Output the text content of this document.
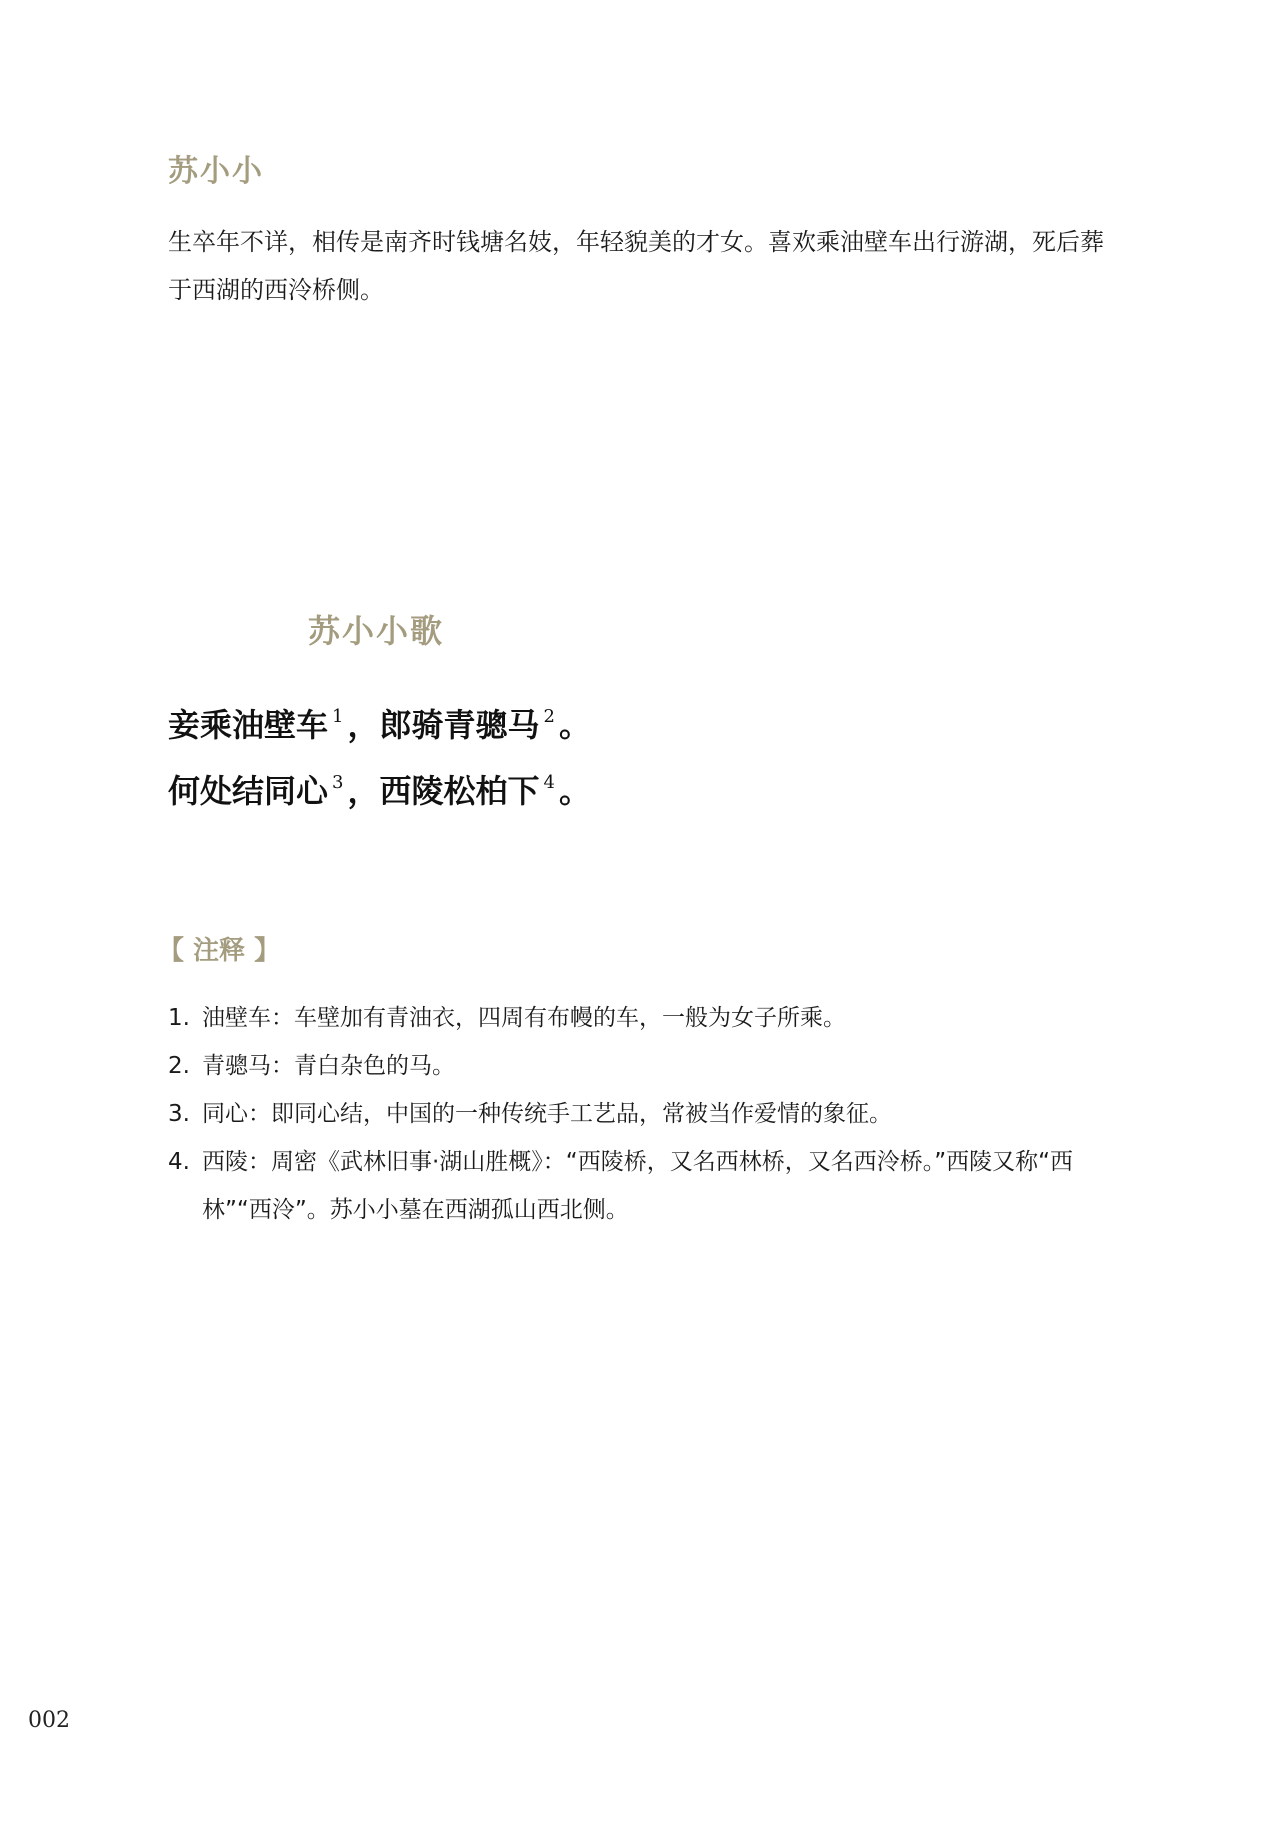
苏小小

生卒年不详，相传是南齐时钱塘名妓，年轻貌美的才女。喜欢乘油壁车出行游湖，死后葬于西湖的西泠桥侧。

苏小小歌
妾乘油壁车 $^1$ ，郎骑青骢马 $^2$ 。
何处结同心 $^3$ ，西陵松柏下 $^4$ 。
【 注释 】
1. 油壁车：车壁加有青油衣，四周有布幔的车，一般为女子所乘。
2. 青骢马：青白杂色的马。
3. 同心：即同心结，中国的一种传统手工艺品，常被当作爱情的象征。
4. 西陵：周密《武林旧事·湖山胜概》：“西陵桥，又名西林桥，又名西泠桥。”西陵又称“西林”“西泠”。苏小小墓在西湖孤山西北侧。

002
